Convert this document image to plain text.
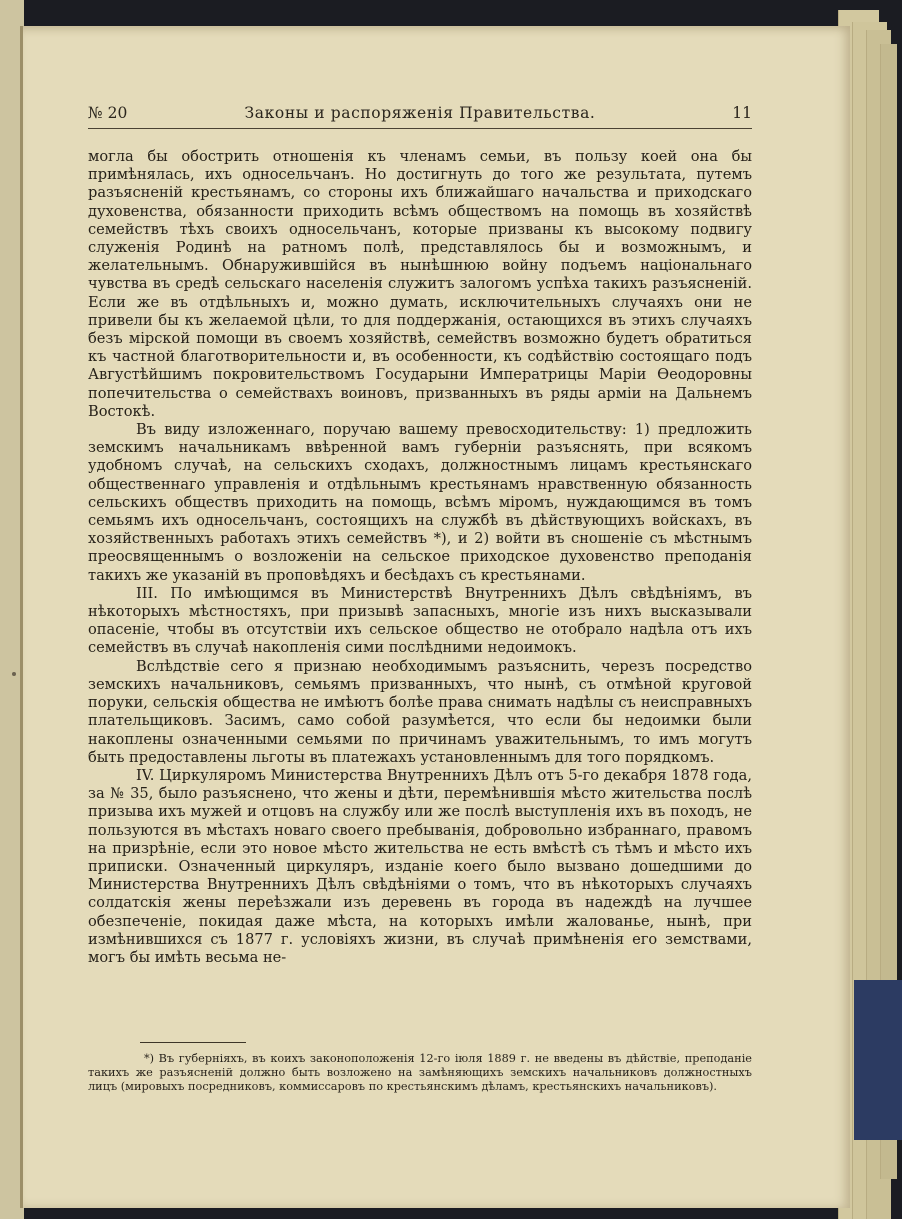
№ 20	Законы и распоряженія Правительства.	11

могла бы обострить отношенія къ членамъ семьи, въ пользу коей она бы примѣнялась, ихъ односельчанъ. Но достигнуть до того же результата, путемъ разъясненій крестьянамъ, со стороны ихъ ближайшаго начальства и приходскаго духовенства, обязанности приходить всѣмъ обществомъ на помощь въ хозяйствѣ семействъ тѣхъ своихъ односельчанъ, которые призваны къ высокому подвигу служенія Родинѣ на ратномъ полѣ, представлялось бы и возможнымъ, и желательнымъ. Обнаружившійся въ нынѣшнюю войну подъемъ національнаго чувства въ средѣ сельскаго населенія служитъ залогомъ успѣха такихъ разъясненій. Если же въ отдѣльныхъ и, можно думать, исключительныхъ случаяхъ они не привели бы къ желаемой цѣли, то для поддержанія, остающихся въ этихъ случаяхъ безъ мірской помощи въ своемъ хозяйствѣ, семействъ возможно будетъ обратиться къ частной благотворительности и, въ особенности, къ содѣйствію состоящаго подъ Августѣйшимъ покровительствомъ Государыни Императрицы Маріи Ѳеодоровны попечительства о семействахъ воиновъ, призванныхъ въ ряды арміи на Дальнемъ Востокѣ.

Въ виду изложеннаго, поручаю вашему превосходительству: 1) предложить земскимъ начальникамъ ввѣренной вамъ губерніи разъяснять, при всякомъ удобномъ случаѣ, на сельскихъ сходахъ, должностнымъ лицамъ крестьянскаго общественнаго управленія и отдѣльнымъ крестьянамъ нравственную обязанность сельскихъ обществъ приходить на помощь, всѣмъ міромъ, нуждающимся въ томъ семьямъ ихъ односельчанъ, состоящихъ на службѣ въ дѣйствующихъ войскахъ, въ хозяйственныхъ работахъ этихъ семействъ *), и 2) войти въ сношеніе съ мѣстнымъ преосвященнымъ о возложеніи на сельское приходское духовенство преподанія такихъ же указаній въ проповѣдяхъ и бесѣдахъ съ крестьянами.

III. По имѣющимся въ Министерствѣ Внутреннихъ Дѣлъ свѣдѣніямъ, въ нѣкоторыхъ мѣстностяхъ, при призывѣ запасныхъ, многіе изъ нихъ высказывали опасеніе, чтобы въ отсутствіи ихъ сельское общество не отобрало надѣла отъ ихъ семействъ въ случаѣ накопленія сими послѣдними недоимокъ.

Вслѣдствіе сего я признаю необходимымъ разъяснить, черезъ посредство земскихъ начальниковъ, семьямъ призванныхъ, что нынѣ, съ отмѣной круговой поруки, сельскія общества не имѣютъ болѣе права снимать надѣлы съ неисправныхъ плательщиковъ. Засимъ, само собой разумѣется, что если бы недоимки были накоплены означенными семьями по причинамъ уважительнымъ, то имъ могутъ быть предоставлены льготы въ платежахъ установленнымъ для того порядкомъ.

IV. Циркуляромъ Министерства Внутреннихъ Дѣлъ отъ 5-го декабря 1878 года, за № 35, было разъяснено, что жены и дѣти, перемѣнившія мѣсто жительства послѣ призыва ихъ мужей и отцовъ на службу или же послѣ выступленія ихъ въ походъ, не пользуются въ мѣстахъ новаго своего пребыванія, добровольно избраннаго, правомъ на призрѣніе, если это новое мѣсто жительства не есть вмѣстѣ съ тѣмъ и мѣсто ихъ приписки. Означенный циркуляръ, изданіе коего было вызвано дошедшими до Министерства Внутреннихъ Дѣлъ свѣдѣніями о томъ, что въ нѣкоторыхъ случаяхъ солдатскія жены переѣзжали изъ деревень въ города въ надеждѣ на лучшее обезпеченіе, покидая даже мѣста, на которыхъ имѣли жалованье, нынѣ, при измѣнившихся съ 1877 г. условіяхъ жизни, въ случаѣ примѣненія его земствами, могъ бы имѣть весьма не-

*) Въ губерніяхъ, въ коихъ законоположенія 12-го іюля 1889 г. не введены въ дѣйствіе, преподаніе такихъ же разъясненій должно быть возложено на замѣняющихъ земскихъ начальниковъ должностныхъ лицъ (мировыхъ посредниковъ, коммиссаровъ по крестьянскимъ дѣламъ, крестьянскихъ начальниковъ).
